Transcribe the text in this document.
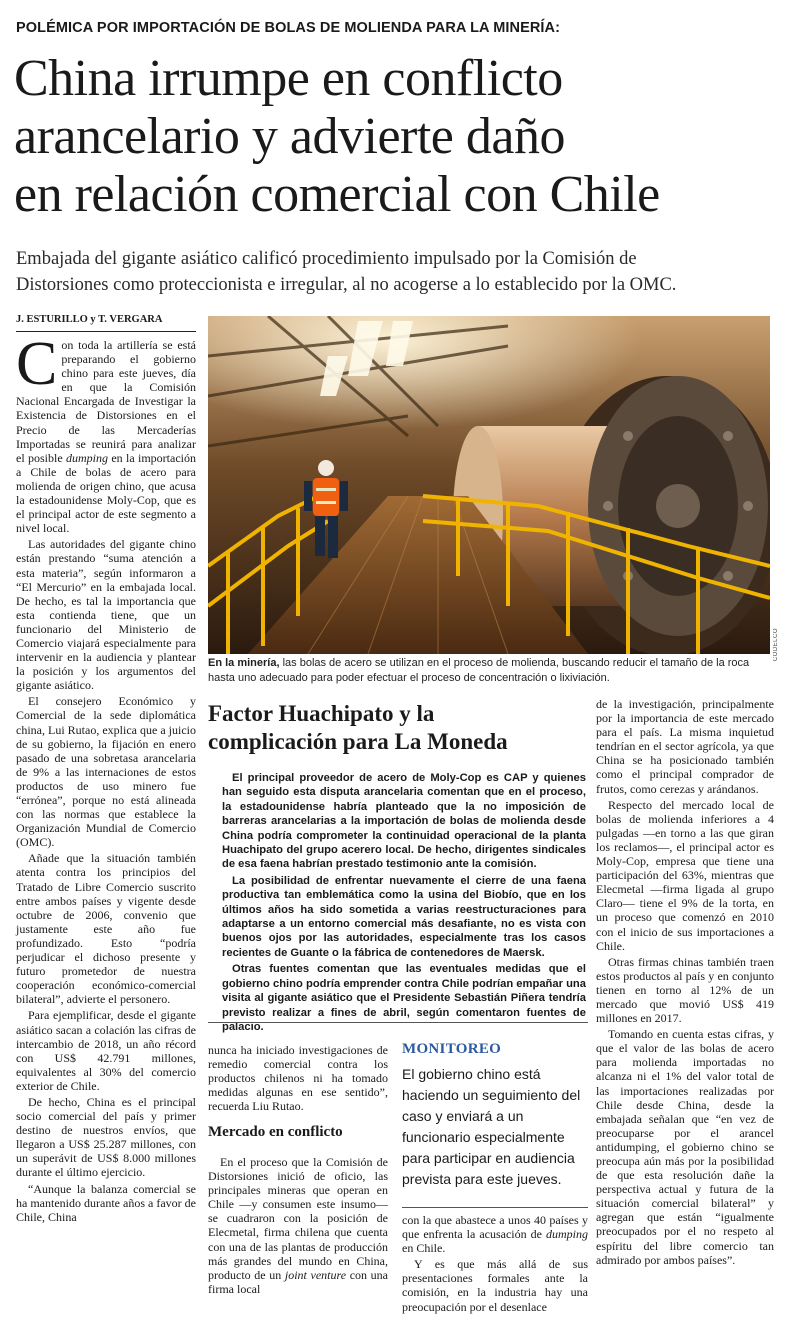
POLÉMICA POR IMPORTACIÓN DE BOLAS DE MOLIENDA PARA LA MINERÍA:
China irrumpe en conflicto
arancelario y advierte daño
en relación comercial con Chile
Embajada del gigante asiático calificó procedimiento impulsado por la Comisión de
Distorsiones como proteccionista e irregular, al no acogerse a lo establecido por la OMC.
J. ESTURILLO y T. VERGARA

Con toda la artillería se está preparando el gobierno chino para este jueves, día en que la Comisión Nacional Encargada de Investigar la Existencia de Distorsiones en el Precio de las Mercaderías Importadas se reunirá para analizar el posible dumping en la importación a Chile de bolas de acero para molienda de origen chino, que acusa la estadounidense Moly-Cop, que es el principal actor de este segmento a nivel local.

Las autoridades del gigante chino están prestando “suma atención a esta materia”, según informaron a “El Mercurio” en la embajada local. De hecho, es tal la importancia que esta contienda tiene, que un funcionario del Ministerio de Comercio viajará especialmente para intervenir en la audiencia y plantear la posición y los argumentos del gigante asiático.

El consejero Económico y Comercial de la sede diplomática china, Lui Rutao, explica que a juicio de su gobierno, la fijación en enero pasado de una sobretasa arancelaria de 9% a las internaciones de estos productos de uso minero fue “errónea”, porque no está alineada con las normas que establece la Organización Mundial de Comercio (OMC).

Añade que la situación también atenta contra los principios del Tratado de Libre Comercio suscrito entre ambos países y vigente desde octubre de 2006, convenio que justamente este año fue profundizado. Esto “podría perjudicar el dichoso presente y futuro prometedor de nuestra cooperación económico-comercial bilateral”, advierte el personero.

Para ejemplificar, desde el gigante asiático sacan a colación las cifras de intercambio de 2018, un año récord con US$ 42.791 millones, equivalentes al 30% del comercio exterior de Chile.

De hecho, China es el principal socio comercial del país y primer destino de nuestros envíos, que llegaron a US$ 25.287 millones, con un superávit de US$ 8.000 millones durante el último ejercicio.

“Aunque la balanza comercial se ha mantenido durante años a favor de Chile, China

CODELCO
En la minería, las bolas de acero se utilizan en el proceso de molienda, buscando reducir el tamaño de la roca hasta uno adecuado para poder efectuar el proceso de concentración o lixiviación.
Factor Huachipato y la
complicación para La Moneda

El principal proveedor de acero de Moly-Cop es CAP y quienes han seguido esta disputa arancelaria comentan que en el proceso, la estadounidense habría planteado que la no imposición de barreras arancelarias a la importación de bolas de molienda desde China podría comprometer la continuidad operacional de la planta Huachipato del grupo acerero local. De hecho, dirigentes sindicales de esa faena habrían prestado testimonio ante la comisión.

La posibilidad de enfrentar nuevamente el cierre de una faena productiva tan emblemática como la usina del Biobío, que en los últimos años ha sido sometida a varias reestructuraciones para adaptarse a un entorno comercial más desafiante, no es vista con buenos ojos por las autoridades, especialmente tras los casos recientes de Guante o la fábrica de contenedores de Maersk.

Otras fuentes comentan que las eventuales medidas que el gobierno chino podría emprender contra Chile podrían empañar una visita al gigante asiático que el Presidente Sebastián Piñera tendría previsto realizar a fines de abril, según comentaron fuentes de palacio.

nunca ha iniciado investigaciones de remedio comercial contra los productos chilenos ni ha tomado medidas algunas en ese sentido”, recuerda Liu Rutao.

Mercado en conflicto

En el proceso que la Comisión de Distorsiones inició de oficio, las principales mineras que operan en Chile —y consumen este insumo— se cuadraron con la posición de Elecmetal, firma chilena que cuenta con una de las plantas de producción más grandes del mundo en China, producto de un joint venture con una firma local

MONITOREO
El gobierno chino está
haciendo un seguimiento del
caso y enviará a un
funcionario especialmente
para participar en audiencia
prevista para este jueves.

con la que abastece a unos 40 países y que enfrenta la acusación de dumping en Chile.

Y es que más allá de sus presentaciones formales ante la comisión, en la industria hay una preocupación por el desenlace

de la investigación, principalmente por la importancia de este mercado para el país. La misma inquietud tendrían en el sector agrícola, ya que China se ha posicionado también como el principal comprador de frutos, como cerezas y arándanos.

Respecto del mercado local de bolas de molienda inferiores a 4 pulgadas —en torno a las que giran los reclamos—, el principal actor es Moly-Cop, empresa que tiene una participación del 63%, mientras que Elecmetal —firma ligada al grupo Claro— tiene el 9% de la torta, en un proceso que comenzó en 2010 con el inicio de sus importaciones a Chile.

Otras firmas chinas también traen estos productos al país y en conjunto tienen en torno al 12% de un mercado que movió US$ 419 millones en 2017.

Tomando en cuenta estas cifras, y que el valor de las bolas de acero para molienda importadas no alcanza ni el 1% del valor total de las importaciones realizadas por Chile desde China, desde la embajada señalan que “en vez de preocuparse por el arancel antidumping, el gobierno chino se preocupa aún más por la posibilidad de que esta resolución dañe la perspectiva actual y futura de la situación comercial bilateral” y agregan que están “igualmente preocupados por el no respeto al espíritu del libre comercio tan admirado por ambos países”.
